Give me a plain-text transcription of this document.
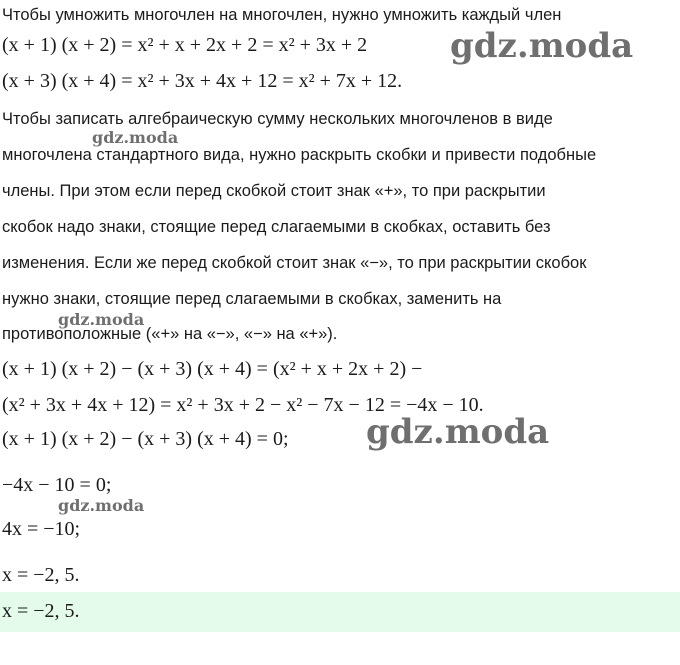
Чтобы умножить многочлен на многочлен, нужно умножить каждый член
(x + 1) (x + 2) = x² + x + 2x + 2 = x² + 3x + 2
(x + 3) (x + 4) = x² + 3x + 4x + 12 = x² + 7x + 12.
Чтобы записать алгебраическую сумму нескольких многочленов в виде
многочлена стандартного вида, нужно раскрыть скобки и привести подобные
члены. При этом если перед скобкой стоит знак «+», то при раскрытии
скобок надо знаки, стоящие перед слагаемыми в скобках, оставить без
изменения. Если же перед скобкой стоит знак «−», то при раскрытии скобок
нужно знаки, стоящие перед слагаемыми в скобках, заменить на
противоположные («+» на «−», «−» на «+»).
(x + 1) (x + 2) − (x + 3) (x + 4) = (x² + x + 2x + 2) −
(x² + 3x + 4x + 12) = x² + 3x + 2 − x² − 7x − 12 = −4x − 10.
(x + 1) (x + 2) − (x + 3) (x + 4) = 0;
−4x − 10 = 0;
4x = −10;
x = −2, 5.
x = −2, 5.
gdz.moda
gdz.moda
gdz.moda
gdz.moda
gdz.moda
